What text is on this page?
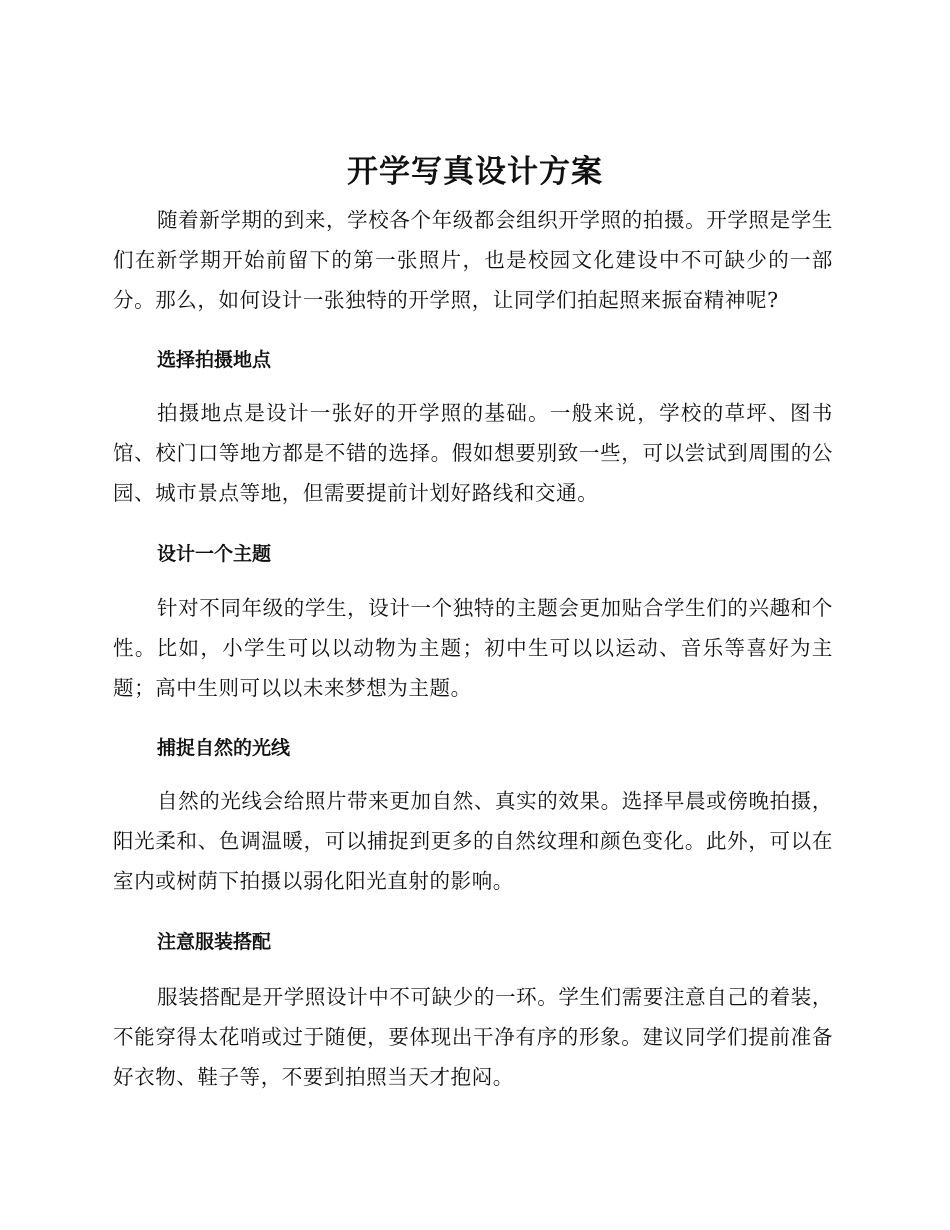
开学写真设计方案

随着新学期的到来，学校各个年级都会组织开学照的拍摄。开学照是学生们在新学期开始前留下的第一张照片，也是校园文化建设中不可缺少的一部分。那么，如何设计一张独特的开学照，让同学们拍起照来振奋精神呢?

选择拍摄地点

拍摄地点是设计一张好的开学照的基础。一般来说，学校的草坪、图书馆、校门口等地方都是不错的选择。假如想要别致一些，可以尝试到周围的公园、城市景点等地，但需要提前计划好路线和交通。

设计一个主题

针对不同年级的学生，设计一个独特的主题会更加贴合学生们的兴趣和个性。比如，小学生可以以动物为主题；初中生可以以运动、音乐等喜好为主题；高中生则可以以未来梦想为主题。

捕捉自然的光线

自然的光线会给照片带来更加自然、真实的效果。选择早晨或傍晚拍摄，阳光柔和、色调温暖，可以捕捉到更多的自然纹理和颜色变化。此外，可以在室内或树荫下拍摄以弱化阳光直射的影响。

注意服装搭配

服装搭配是开学照设计中不可缺少的一环。学生们需要注意自己的着装，不能穿得太花哨或过于随便，要体现出干净有序的形象。建议同学们提前准备好衣物、鞋子等，不要到拍照当天才抱闷。
